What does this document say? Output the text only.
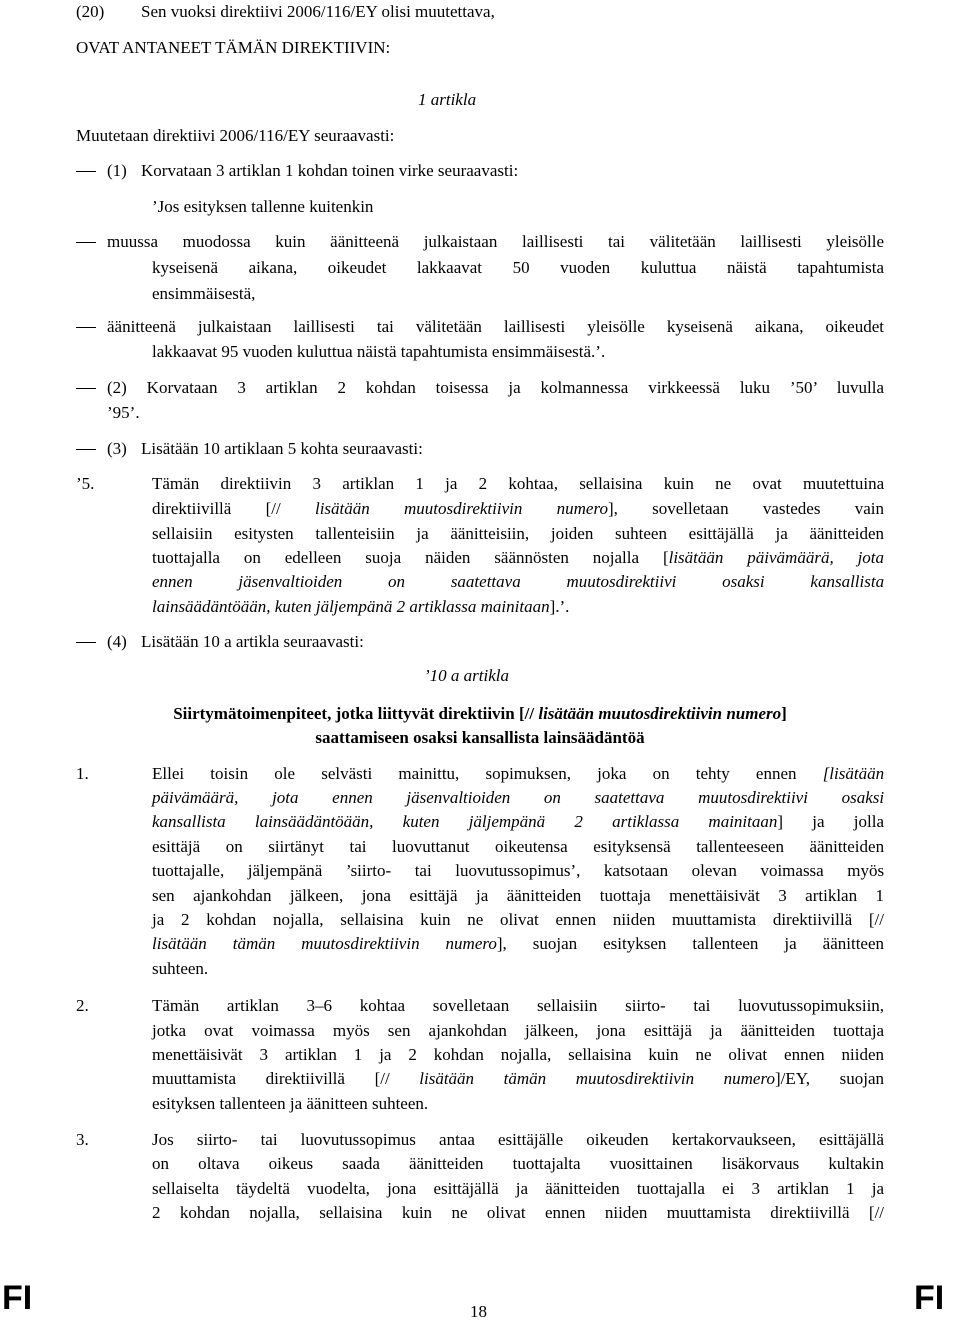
(20) Sen vuoksi direktiivi 2006/116/EY olisi muutettava,
OVAT ANTANEET TÄMÄN DIREKTIIVIN:
1 artikla
Muutetaan direktiivi 2006/116/EY seuraavasti:
(1) Korvataan 3 artiklan 1 kohdan toinen virke seuraavasti:
’Jos esityksen tallenne kuitenkin
muussa muodossa kuin äänitteenä julkaistaan laillisesti tai välitetään laillisesti yleisölle
kyseisenä aikana, oikeudet lakkaavat 50 vuoden kuluttua näistä tapahtumista
ensimmäisestä,
äänitteenä julkaistaan laillisesti tai välitetään laillisesti yleisölle kyseisenä aikana, oikeudet
lakkaavat 95 vuoden kuluttua näistä tapahtumista ensimmäisestä.’.
(2) Korvataan 3 artiklan 2 kohdan toisessa ja kolmannessa virkkeessä luku ’50’ luvulla
’95’.
(3) Lisätään 10 artiklaan 5 kohta seuraavasti:
’5.	Tämän direktiivin 3 artiklan 1 ja 2 kohtaa, sellaisina kuin ne ovat muutettuina
direktiivillä [// lisätään muutosdirektiivin numero], sovelletaan vastedes vain
sellaisiin esitysten tallenteisiin ja äänitteisiin, joiden suhteen esittäjällä ja äänitteiden
tuottajalla on edelleen suoja näiden säännösten nojalla [lisätään päivämäärä, jota
ennen	jäsenvaltioiden	on	saatettava	muutosdirektiivi	osaksi	kansallista
lainsäädäntöään, kuten jäljempänä 2 artiklassa mainitaan].’.
(4) Lisätään 10 a artikla seuraavasti:
’10 a artikla
Siirtymätoimenpiteet, jotka liittyvät direktiivin [// lisätään muutosdirektiivin numero]
saattamiseen osaksi kansallista lainsäädäntöä
1.	Ellei toisin ole selvästi mainittu, sopimuksen, joka on tehty ennen [lisätään
päivämäärä, jota ennen jäsenvaltioiden on saatettava muutosdirektiivi osaksi
kansallista lainsäädäntöään, kuten jäljempänä 2 artiklassa mainitaan] ja jolla
esittäjä on siirtänyt tai luovuttanut oikeutensa esityksensä tallenteeseen äänitteiden
tuottajalle, jäljempänä ’siirto- tai luovutussopimus’, katsotaan olevan voimassa myös
sen ajankohdan jälkeen, jona esittäjä ja äänitteiden tuottaja menettäisivät 3 artiklan 1
ja 2 kohdan nojalla, sellaisina kuin ne olivat ennen niiden muuttamista direktiivillä [//
lisätään tämän muutosdirektiivin numero], suojan esityksen tallenteen ja äänitteen
suhteen.
2.	Tämän artiklan 3–6 kohtaa sovelletaan sellaisiin siirto- tai luovutussopimuksiin,
jotka ovat voimassa myös sen ajankohdan jälkeen, jona esittäjä ja äänitteiden tuottaja
menettäisivät 3 artiklan 1 ja 2 kohdan nojalla, sellaisina kuin ne olivat ennen niiden
muuttamista direktiivillä [// lisätään tämän muutosdirektiivin numero]/EY, suojan
esityksen tallenteen ja äänitteen suhteen.
3.	Jos siirto- tai luovutussopimus antaa esittäjälle oikeuden kertakorvaukseen, esittäjällä
on oltava oikeus saada äänitteiden tuottajalta vuosittainen lisäkorvaus kultakin
sellaiselta täydeltä vuodelta, jona esittäjällä ja äänitteiden tuottajalla ei 3 artiklan 1 ja
2 kohdan nojalla, sellaisina kuin ne olivat ennen niiden muuttamista direktiivillä [//
FI	18	FI
